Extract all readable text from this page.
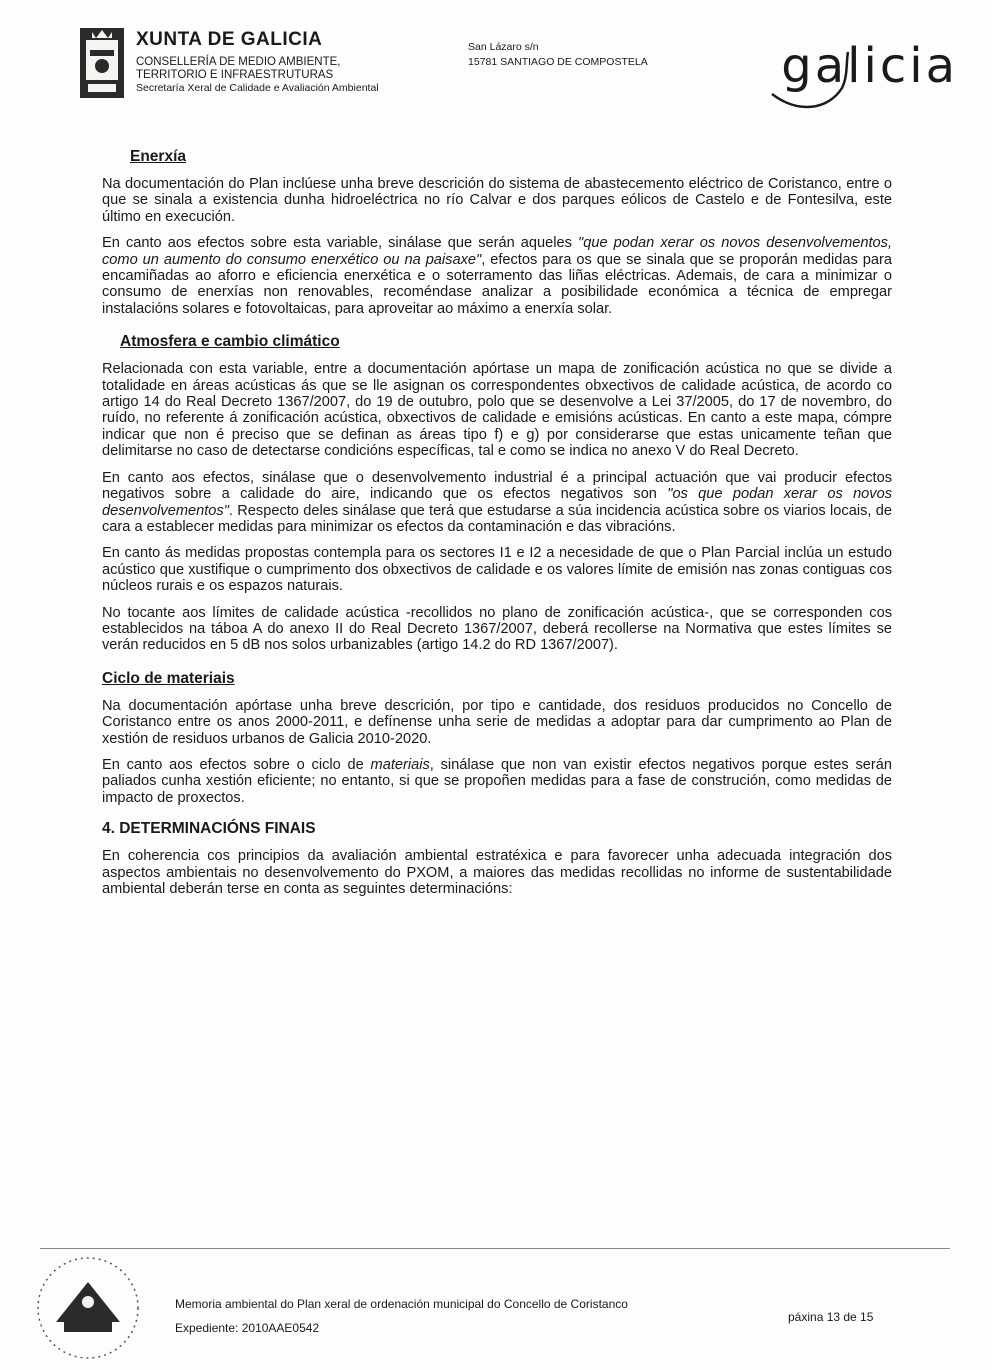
XUNTA DE GALICIA
CONSELLERÍA DE MEDIO AMBIENTE,
TERRITORIO E INFRAESTRUTURAS
Secretaría Xeral de Calidade e Avaliación Ambiental
San Lázaro s/n
15781 SANTIAGO DE COMPOSTELA	galicia
Enerxía

Na documentación do Plan inclúese unha breve descrición do sistema de abastecemento eléctrico de Coristanco, entre o que se sinala a existencia dunha hidroeléctrica no río Calvar e dos parques eólicos de Castelo e de Fontesilva, este último en execución.

En canto aos efectos sobre esta variable, sinálase que serán aqueles "que podan xerar os novos desenvolvementos, como un aumento do consumo enerxético ou na paisaxe", efectos para os que se sinala que se proporán medidas para encamiñadas ao aforro e eficiencia enerxética e o soterramento das liñas eléctricas. Ademais, de cara a minimizar o consumo de enerxías non renovables, recoméndase analizar a posibilidade económica a técnica de empregar instalacións solares e fotovoltaicas, para aproveitar ao máximo a enerxía solar.

Atmosfera e cambio climático

Relacionada con esta variable, entre a documentación apórtase un mapa de zonificación acústica no que se divide a totalidade en áreas acústicas ás que se lle asignan os correspondentes obxectivos de calidade acústica, de acordo co artigo 14 do Real Decreto 1367/2007, do 19 de outubro, polo que se desenvolve a Lei 37/2005, do 17 de novembro, do ruído, no referente á zonificación acústica, obxectivos de calidade e emisións acústicas. En canto a este mapa, cómpre indicar que non é preciso que se definan as áreas tipo f) e g) por considerarse que estas unicamente teñan que delimitarse no caso de detectarse condicións específicas, tal e como se indica no anexo V do Real Decreto.

En canto aos efectos, sinálase que o desenvolvemento industrial é a principal actuación que vai producir efectos negativos sobre a calidade do aire, indicando que os efectos negativos son "os que podan xerar os novos desenvolvementos". Respecto deles sinálase que terá que estudarse a súa incidencia acústica sobre os viarios locais, de cara a establecer medidas para minimizar os efectos da contaminación e das vibracións.

En canto ás medidas propostas contempla para os sectores I1 e I2 a necesidade de que o Plan Parcial inclúa un estudo acústico que xustifique o cumprimento dos obxectivos de calidade e os valores límite de emisión nas zonas contiguas cos núcleos rurais e os espazos naturais.

No tocante aos límites de calidade acústica -recollidos no plano de zonificación acústica-, que se corresponden cos establecidos na táboa A do anexo II do Real Decreto 1367/2007, deberá recollerse na Normativa que estes límites se verán reducidos en 5 dB nos solos urbanizables (artigo 14.2 do RD 1367/2007).

Ciclo de materiais

Na documentación apórtase unha breve descrición, por tipo e cantidade, dos residuos producidos no Concello de Coristanco entre os anos 2000-2011, e defínense unha serie de medidas a adoptar para dar cumprimento ao Plan de xestión de residuos urbanos de Galicia 2010-2020.

En canto aos efectos sobre o ciclo de materiais, sinálase que non van existir efectos negativos porque estes serán paliados cunha xestión eficiente; no entanto, si que se propoñen medidas para a fase de construción, como medidas de impacto de proxectos.

4. DETERMINACIÓNS FINAIS

En coherencia cos principios da avaliación ambiental estratéxica e para favorecer unha adecuada integración dos aspectos ambientais no desenvolvemento do PXOM, a maiores das medidas recollidas no informe de sustentabilidade ambiental deberán terse en conta as seguintes determinacións:

Memoria ambiental do Plan xeral de ordenación municipal do Concello de Coristanco
Expediente: 2010AAE0542
páxina 13 de 15
